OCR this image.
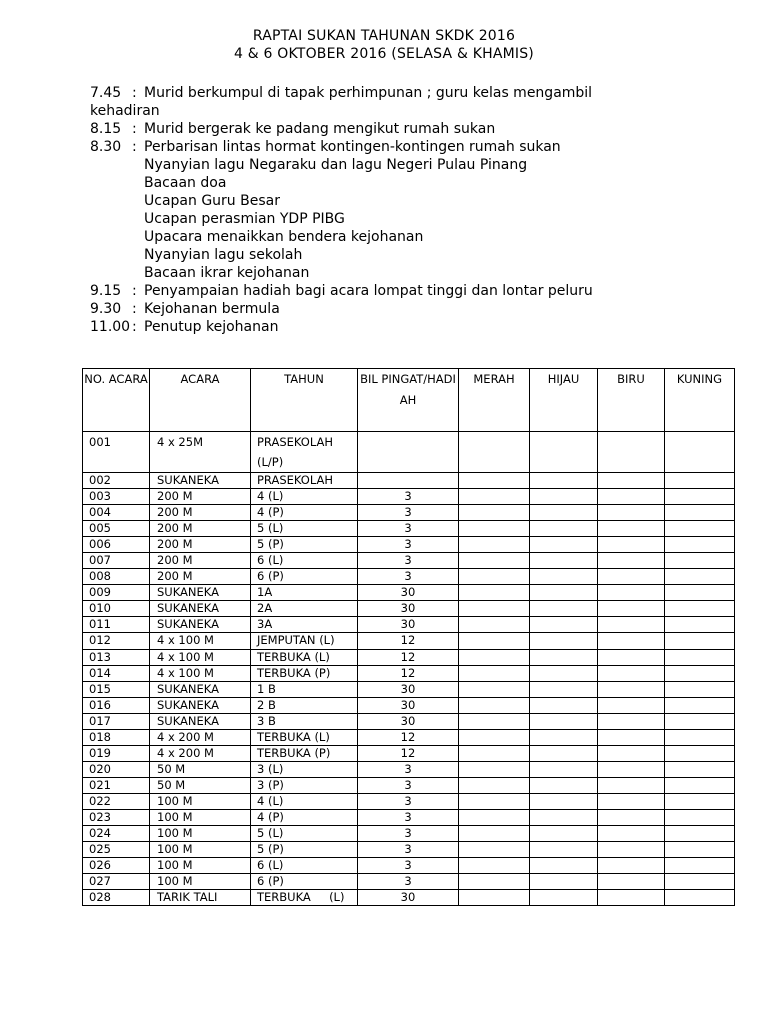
RAPTAI SUKAN TAHUNAN SKDK 2016
4 & 6 OKTOBER 2016 (SELASA & KHAMIS)
7.45 : Murid berkumpul di tapak perhimpunan ; guru kelas mengambil
kehadiran
8.15 : Murid bergerak ke padang mengikut rumah sukan
8.30 : Perbarisan lintas hormat kontingen-kontingen rumah sukan
Nyanyian lagu Negaraku dan lagu Negeri Pulau Pinang
Bacaan doa
Ucapan Guru Besar
Ucapan perasmian YDP PIBG
Upacara menaikkan bendera kejohanan
Nyanyian lagu sekolah
Bacaan ikrar kejohanan
9.15 : Penyampaian hadiah bagi acara lompat tinggi dan lontar peluru
9.30 : Kejohanan bermula
11.00 : Penutup kejohanan
NO. ACARA	ACARA	TAHUN	BIL PINGAT/HADIAH	MERAH	HIJAU	BIRU	KUNING
001	4 x 25M	PRASEKOLAH (L/P)					
002	SUKANEKA	PRASEKOLAH					
003	200 M	4 (L)	3				
004	200 M	4 (P)	3				
005	200 M	5 (L)	3				
006	200 M	5 (P)	3				
007	200 M	6 (L)	3				
008	200 M	6 (P)	3				
009	SUKANEKA	1A	30				
010	SUKANEKA	2A	30				
011	SUKANEKA	3A	30				
012	4 x 100 M	JEMPUTAN (L)	12				
013	4 x 100 M	TERBUKA (L)	12				
014	4 x 100 M	TERBUKA (P)	12				
015	SUKANEKA	1 B	30				
016	SUKANEKA	2 B	30				
017	SUKANEKA	3 B	30				
018	4 x 200 M	TERBUKA (L)	12				
019	4 x 200 M	TERBUKA (P)	12				
020	50 M	3 (L)	3				
021	50 M	3 (P)	3				
022	100 M	4 (L)	3				
023	100 M	4 (P)	3				
024	100 M	5 (L)	3				
025	100 M	5 (P)	3				
026	100 M	6 (L)	3				
027	100 M	6 (P)	3				
028	TARIK TALI	TERBUKA     (L)	30				
